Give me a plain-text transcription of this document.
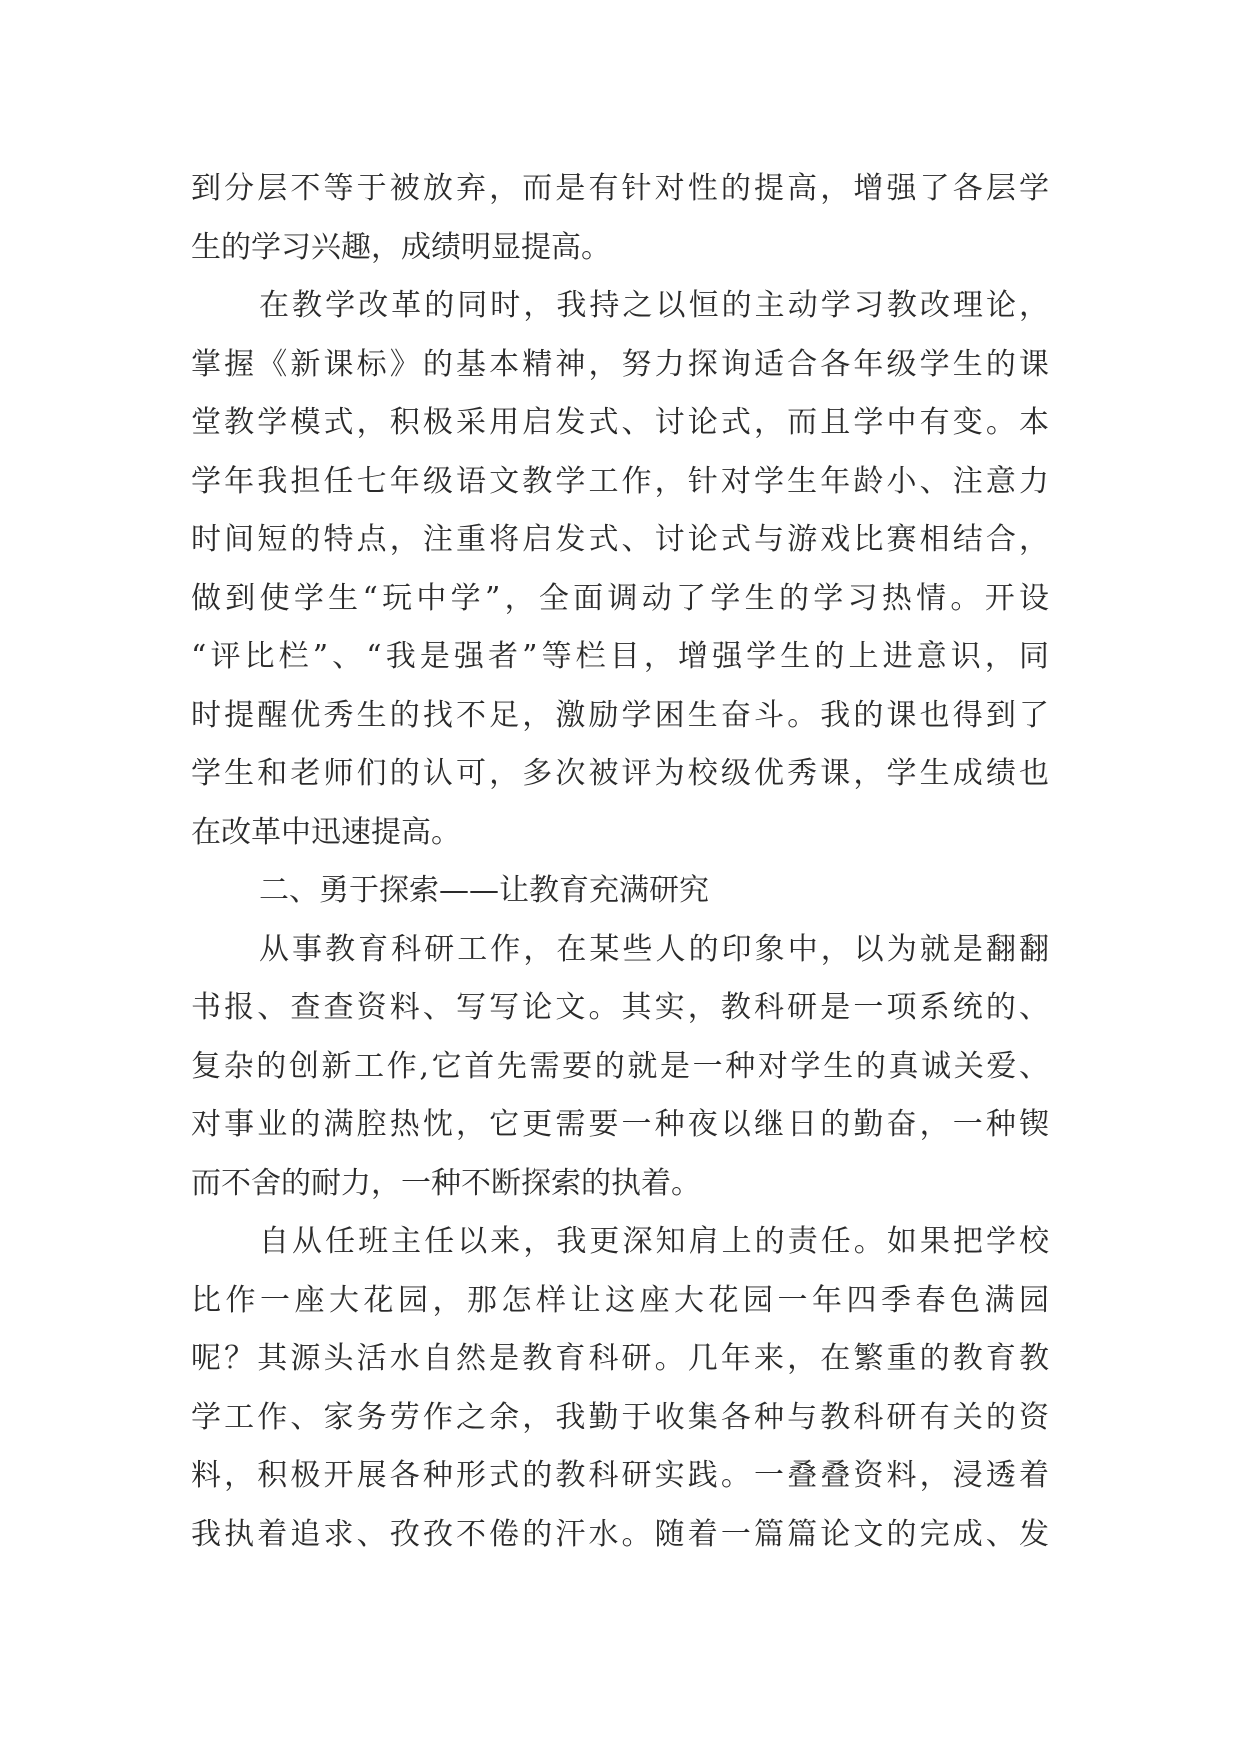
到分层不等于被放弃，而是有针对性的提高，增强了各层学
生的学习兴趣，成绩明显提高。
在教学改革的同时，我持之以恒的主动学习教改理论，
掌握《新课标》的基本精神，努力探询适合各年级学生的课
堂教学模式，积极采用启发式、讨论式，而且学中有变。本
学年我担任七年级语文教学工作，针对学生年龄小、注意力
时间短的特点，注重将启发式、讨论式与游戏比赛相结合，
做到使学生“玩中学”，全面调动了学生的学习热情。开设
“评比栏”、“我是强者”等栏目，增强学生的上进意识，同
时提醒优秀生的找不足，激励学困生奋斗。我的课也得到了
学生和老师们的认可，多次被评为校级优秀课，学生成绩也
在改革中迅速提高。
二、勇于探索——让教育充满研究
从事教育科研工作，在某些人的印象中，以为就是翻翻
书报、查查资料、写写论文。其实，教科研是一项系统的、
复杂的创新工作,它首先需要的就是一种对学生的真诚关爱、
对事业的满腔热忱，它更需要一种夜以继日的勤奋，一种锲
而不舍的耐力，一种不断探索的执着。
自从任班主任以来，我更深知肩上的责任。如果把学校
比作一座大花园，那怎样让这座大花园一年四季春色满园
呢？其源头活水自然是教育科研。几年来，在繁重的教育教
学工作、家务劳作之余，我勤于收集各种与教科研有关的资
料，积极开展各种形式的教科研实践。一叠叠资料，浸透着
我执着追求、孜孜不倦的汗水。随着一篇篇论文的完成、发
